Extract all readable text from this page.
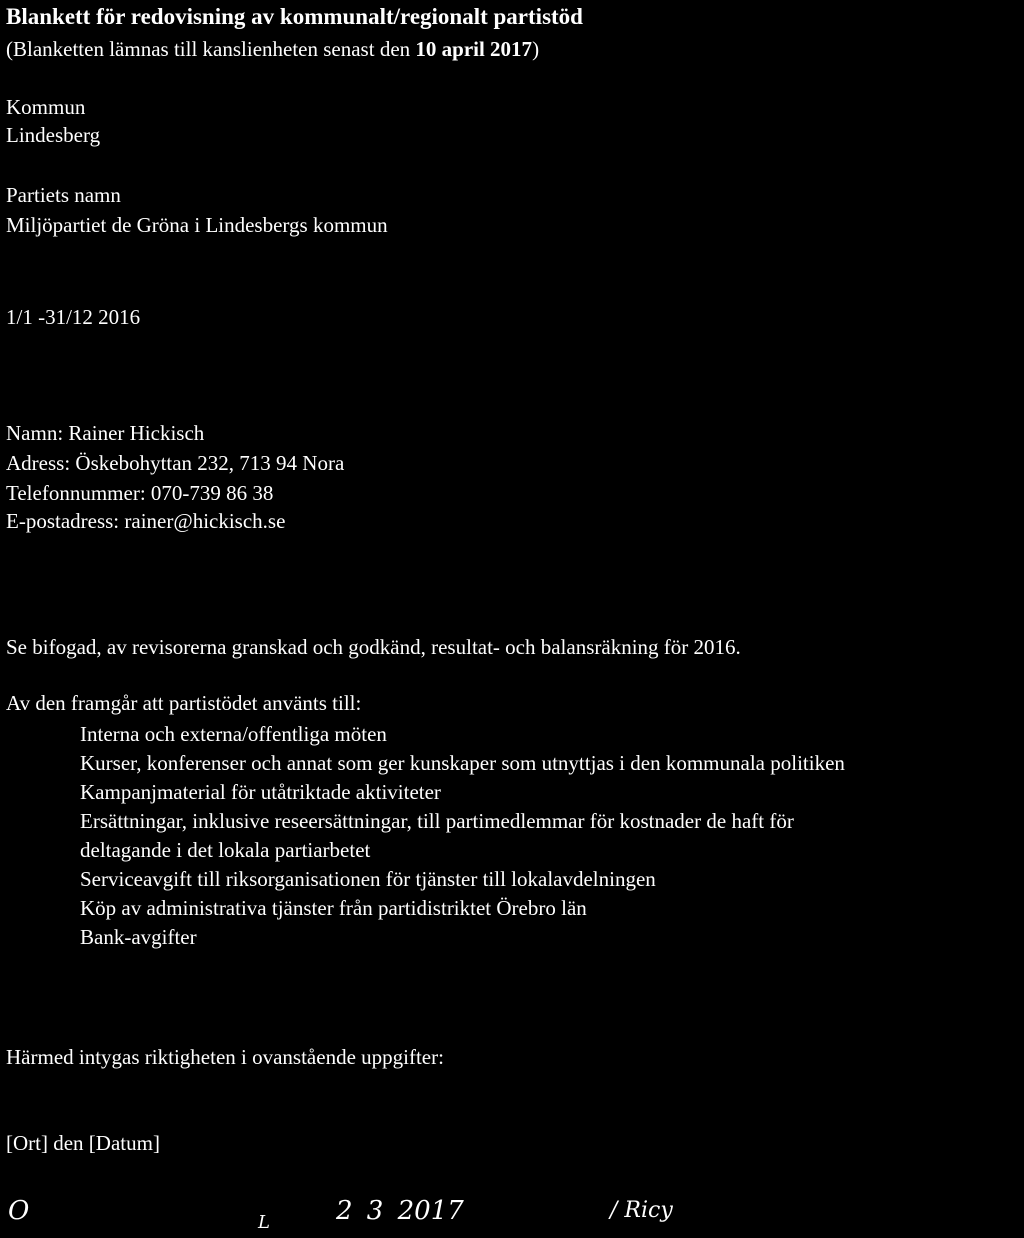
Blankett för redovisning av kommunalt/regionalt partistöd
(Blanketten lämnas till kanslienheten senast den 10 april 2017)
Kommun
Lindesberg
Partiets namn
Miljöpartiet de Gröna i Lindesbergs kommun
1/1 -31/12 2016
Namn: Rainer Hickisch
Adress: Öskebohyttan 232, 713 94 Nora
Telefonnummer: 070-739 86 38
E-postadress: rainer@hickisch.se
Se bifogad, av revisorerna granskad och godkänd, resultat- och balansräkning för 2016.
Av den framgår att partistödet använts till:
Interna och externa/offentliga möten
Kurser, konferenser och annat som ger kunskaper som utnyttjas i den kommunala politiken
Kampanjmaterial för utåtriktade aktiviteter
Ersättningar, inklusive reseersättningar, till partimedlemmar för kostnader de haft för
deltagande i det lokala partiarbetet
Serviceavgift till riksorganisationen för tjänster till lokalavdelningen
Köp av administrativa tjänster från partidistriktet Örebro län
Bank-avgifter
Härmed intygas riktigheten i ovanstående uppgifter:
[Ort] den [Datum]
O	L	2 3 2017	/ Ricy
